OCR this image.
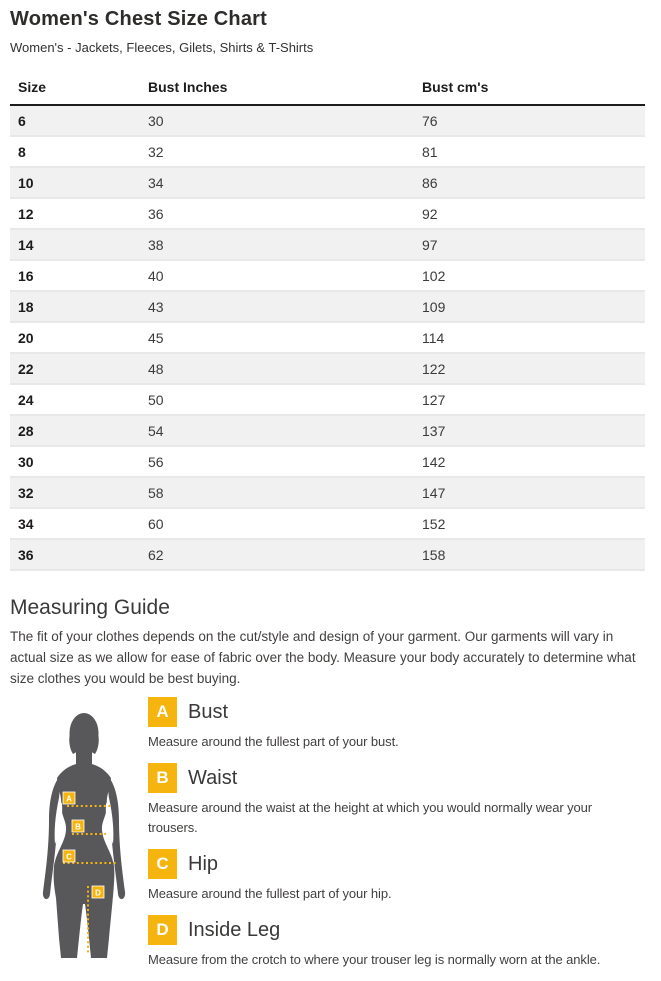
Women's Chest Size Chart
Women's - Jackets, Fleeces, Gilets, Shirts & T-Shirts
Size	Bust Inches	Bust cm's
6	30	76
8	32	81
10	34	86
12	36	92
14	38	97
16	40	102
18	43	109
20	45	114
22	48	122
24	50	127
28	54	137
30	56	142
32	58	147
34	60	152
36	62	158
Measuring Guide
The fit of your clothes depends on the cut/style and design of your garment. Our garments will vary in actual size as we allow for ease of fabric over the body. Measure your body accurately to determine what size clothes you would be best buying.
A
B
C
D
A Bust
Measure around the fullest part of your bust.
B Waist
Measure around the waist at the height at which you would normally wear your trousers.
C Hip
Measure around the fullest part of your hip.
D Inside Leg
Measure from the crotch to where your trouser leg is normally worn at the ankle.
